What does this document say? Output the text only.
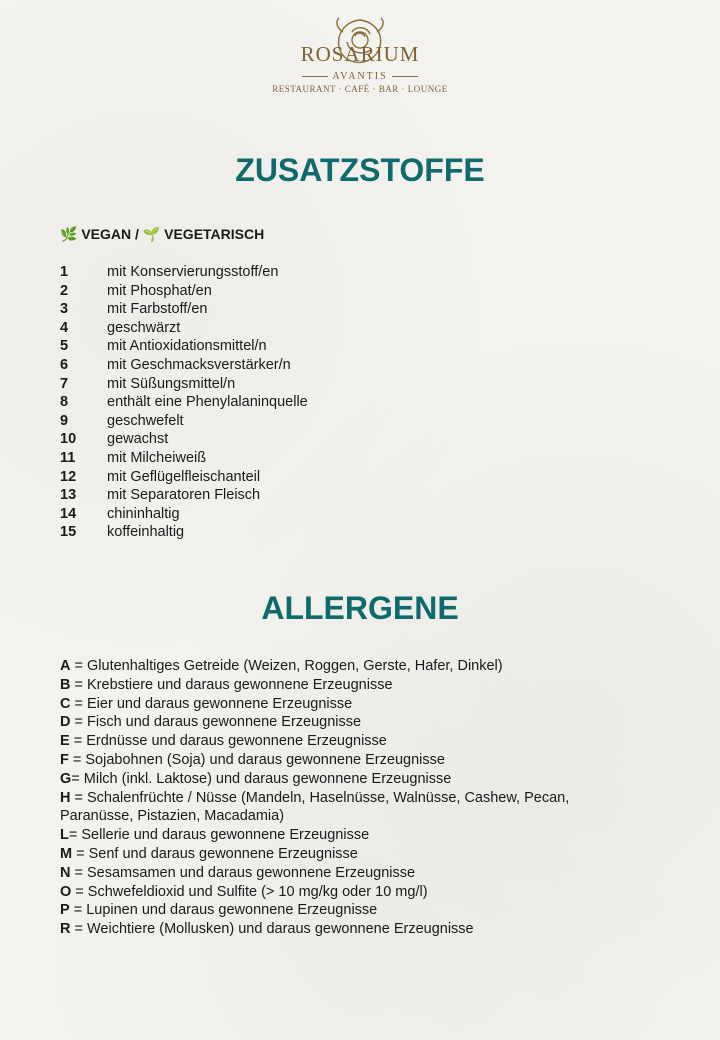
ROSARIUM
AVANTIS
RESTAURANT · CAFÉ · BAR · LOUNGE
ZUSATZSTOFFE
🌿 VEGAN / 🌱 VEGETARISCH
1	mit Konservierungsstoff/en
2	mit Phosphat/en
3	mit Farbstoff/en
4	geschwärzt
5	mit Antioxidationsmittel/n
6	mit Geschmacksverstärker/n
7	mit Süßungsmittel/n
8	enthält eine Phenylalaninquelle
9	geschwefelt
10	gewachst
11	mit Milcheiweiß
12	mit Geflügelfleischanteil
13	mit Separatoren Fleisch
14	chininhaltig
15	koffeinhaltig
ALLERGENE
A = Glutenhaltiges Getreide (Weizen, Roggen, Gerste, Hafer, Dinkel)
B = Krebstiere und daraus gewonnene Erzeugnisse
C = Eier und daraus gewonnene Erzeugnisse
D = Fisch und daraus gewonnene Erzeugnisse
E = Erdnüsse und daraus gewonnene Erzeugnisse
F = Sojabohnen (Soja) und daraus gewonnene Erzeugnisse
G= Milch (inkl. Laktose) und daraus gewonnene Erzeugnisse
H = Schalenfrüchte / Nüsse (Mandeln, Haselnüsse, Walnüsse, Cashew, Pecan, Paranüsse, Pistazien, Macadamia)
L= Sellerie und daraus gewonnene Erzeugnisse
M = Senf und daraus gewonnene Erzeugnisse
N = Sesamsamen und daraus gewonnene Erzeugnisse
O = Schwefeldioxid und Sulfite (> 10 mg/kg oder 10 mg/l)
P = Lupinen und daraus gewonnene Erzeugnisse
R = Weichtiere (Mollusken) und daraus gewonnene Erzeugnisse
